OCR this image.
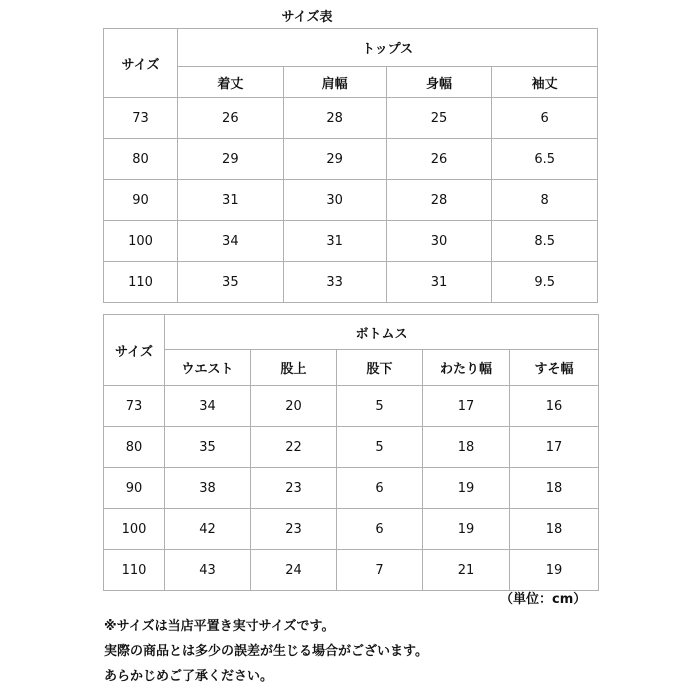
サイズ表
サイズ	トップス			
	着丈	肩幅	身幅	袖丈
73	26	28	25	6
80	29	29	26	6.5
90	31	30	28	8
100	34	31	30	8.5
110	35	33	31	9.5
サイズ	ボトムス				
	ウエスト	股上	股下	わたり幅	すそ幅
73	34	20	5	17	16
80	35	22	5	18	17
90	38	23	6	19	18
100	42	23	6	19	18
110	43	24	7	21	19
（単位：cm）
※サイズは当店平置き実寸サイズです。
実際の商品とは多少の誤差が生じる場合がございます。
あらかじめご了承ください。
